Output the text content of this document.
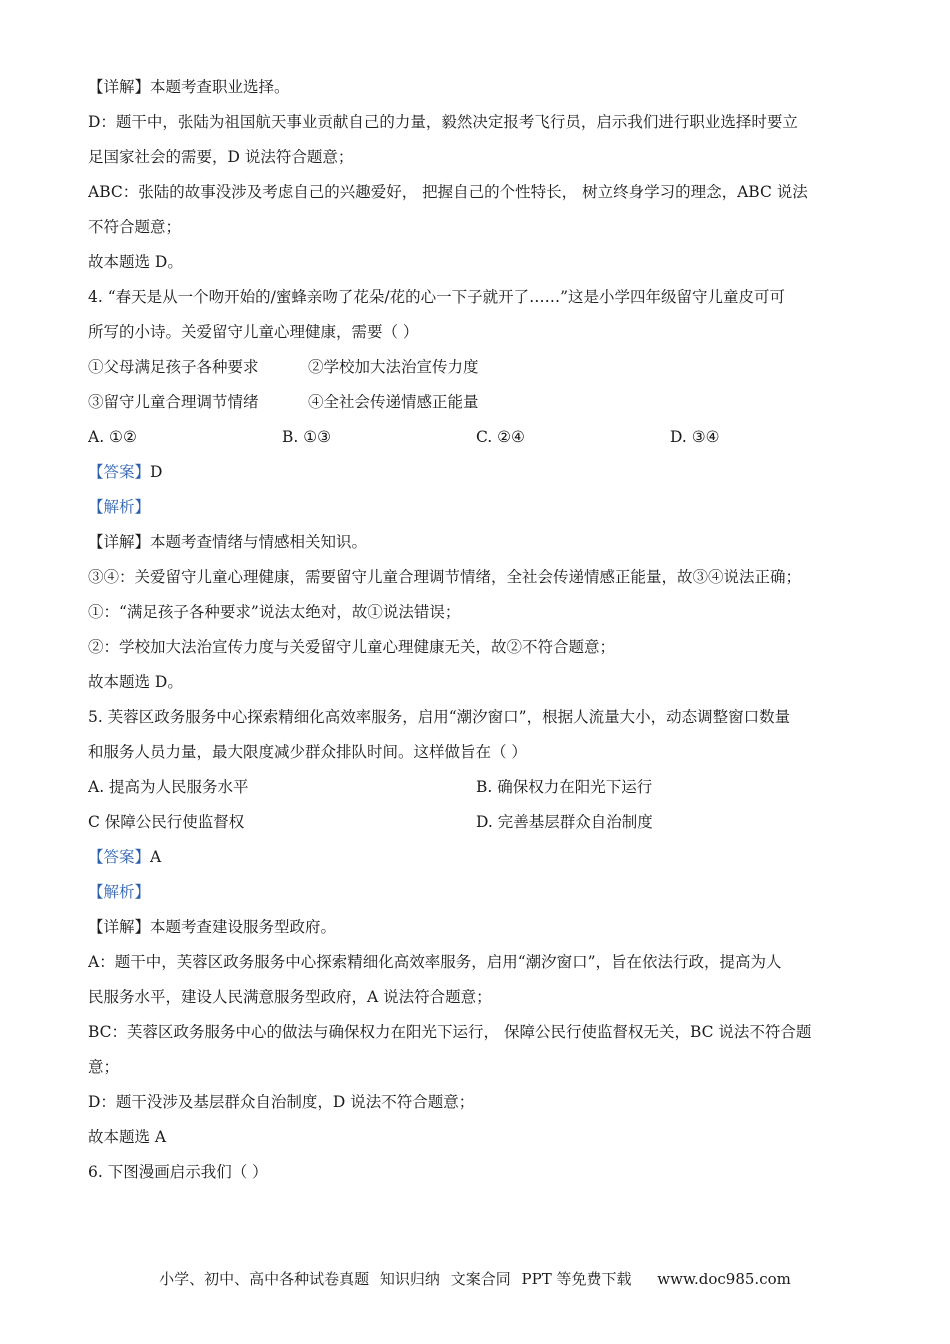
【详解】本题考查职业选择。
D：题干中，张陆为祖国航天事业贡献自己的力量，毅然决定报考飞行员，启示我们进行职业选择时要立
足国家社会的需要，D 说法符合题意；
ABC：张陆的故事没涉及考虑自己的兴趣爱好， 把握自己的个性特长， 树立终身学习的理念，ABC 说法
不符合题意；
故本题选 D。
4. “春天是从一个吻开始的/蜜蜂亲吻了花朵/花的心一下子就开了……”这是小学四年级留守儿童皮可可
所写的小诗。关爱留守儿童心理健康，需要（ ）
①父母满足孩子各种要求	②学校加大法治宣传力度
③留守儿童合理调节情绪	④全社会传递情感正能量
A. ①②	B. ①③	C. ②④	D. ③④
【答案】D
【解析】
【详解】本题考查情绪与情感相关知识。
③④：关爱留守儿童心理健康，需要留守儿童合理调节情绪，全社会传递情感正能量，故③④说法正确；
①：“满足孩子各种要求”说法太绝对，故①说法错误；
②：学校加大法治宣传力度与关爱留守儿童心理健康无关，故②不符合题意；
故本题选 D。
5. 芙蓉区政务服务中心探索精细化高效率服务，启用“潮汐窗口”，根据人流量大小，动态调整窗口数量
和服务人员力量，最大限度减少群众排队时间。这样做旨在（ ）
A. 提高为人民服务水平	B. 确保权力在阳光下运行
C 保障公民行使监督权	D. 完善基层群众自治制度
【答案】A
【解析】
【详解】本题考查建设服务型政府。
A：题干中，芙蓉区政务服务中心探索精细化高效率服务，启用“潮汐窗口”，旨在依法行政，提高为人
民服务水平，建设人民满意服务型政府，A 说法符合题意；
BC：芙蓉区政务服务中心的做法与确保权力在阳光下运行， 保障公民行使监督权无关，BC 说法不符合题
意；
D：题干没涉及基层群众自治制度，D 说法不符合题意；
故本题选 A
6. 下图漫画启示我们（ ）
小学、初中、高中各种试卷真题 知识归纳 文案合同 PPT 等免费下载 www.doc985.com
